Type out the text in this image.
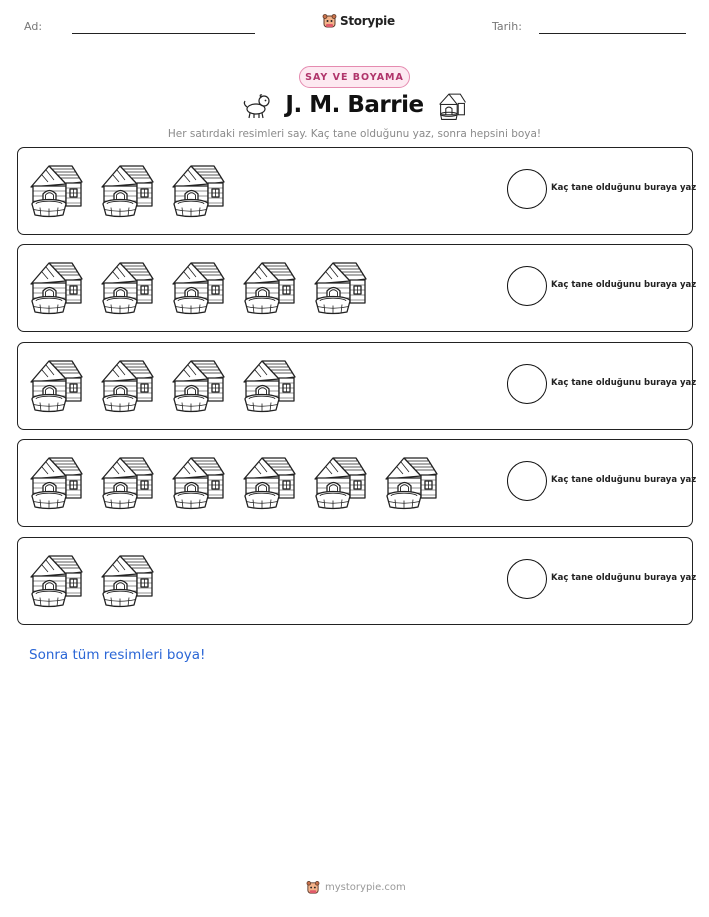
Ad:	Storypie	Tarih:
SAY VE BOYAMA
J. M. Barrie
Her satırdaki resimleri say. Kaç tane olduğunu yaz, sonra hepsini boya!
Kaç tane olduğunu buraya yaz
Kaç tane olduğunu buraya yaz
Kaç tane olduğunu buraya yaz
Kaç tane olduğunu buraya yaz
Kaç tane olduğunu buraya yaz
Sonra tüm resimleri boya!
mystorypie.com
